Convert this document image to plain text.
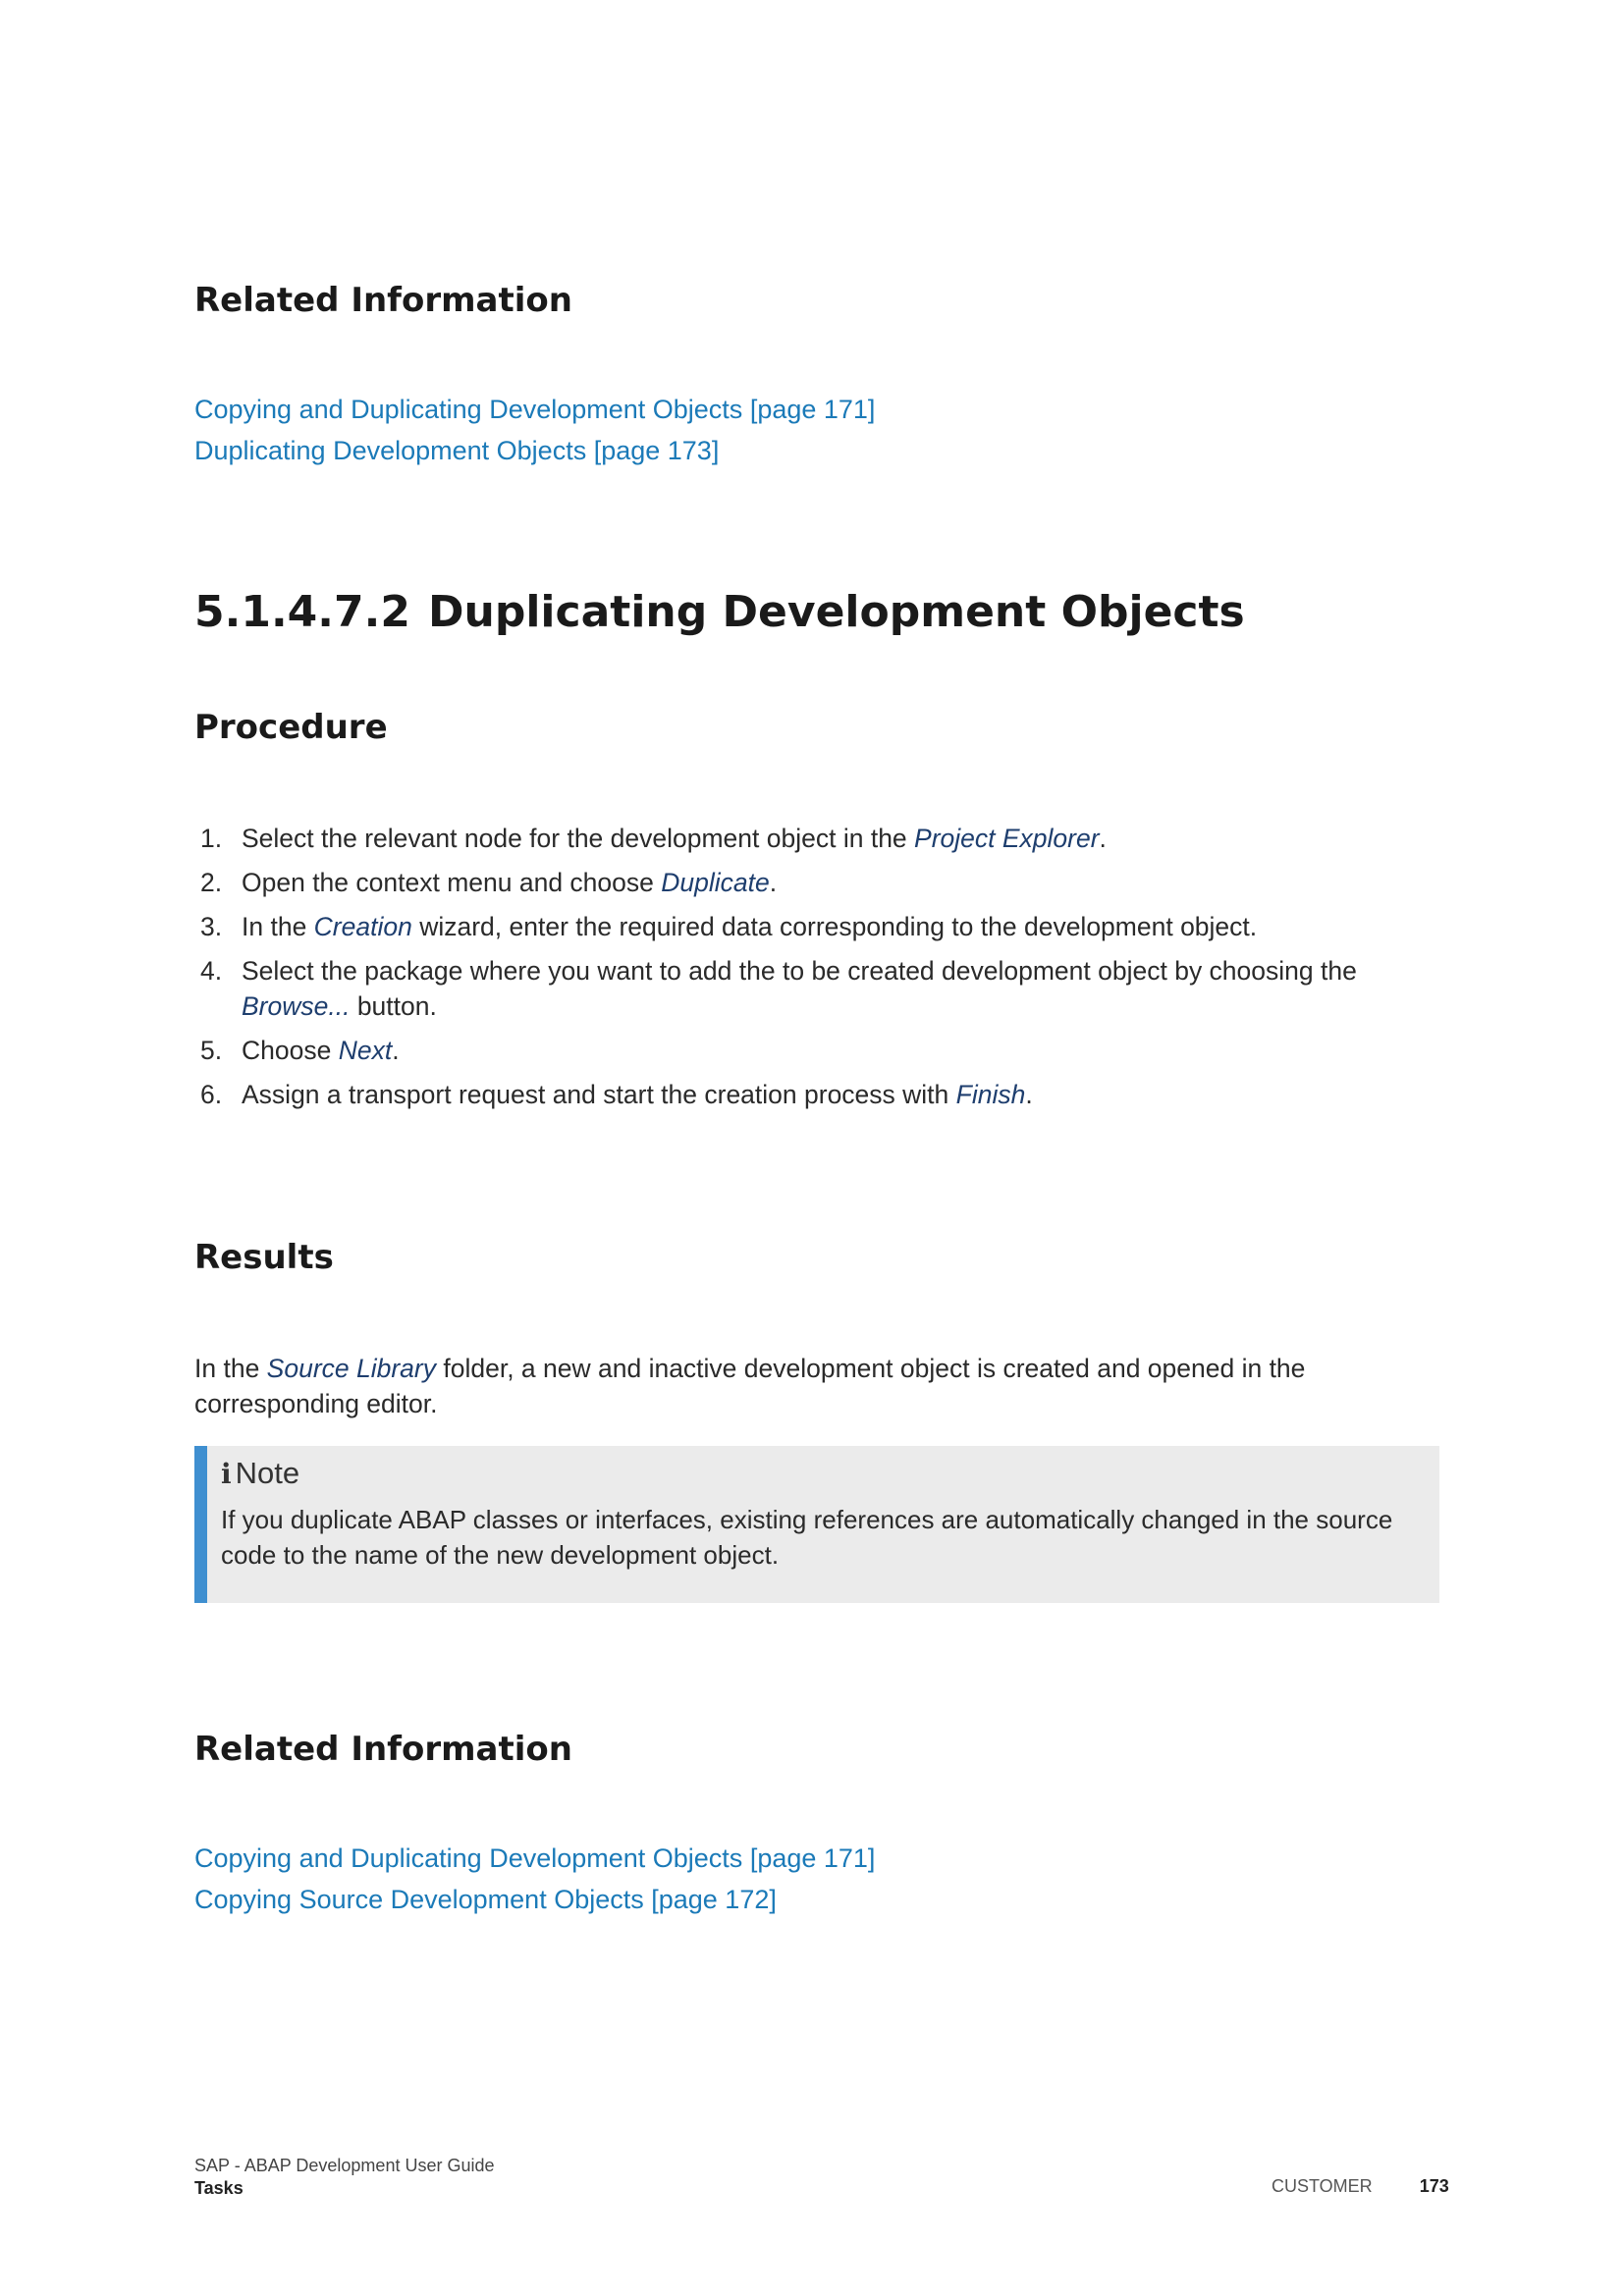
Related Information
Copying and Duplicating Development Objects [page 171]
Duplicating Development Objects [page 173]
5.1.4.7.2 Duplicating Development Objects
Procedure
1. Select the relevant node for the development object in the Project Explorer.
2. Open the context menu and choose Duplicate.
3. In the Creation wizard, enter the required data corresponding to the development object.
4. Select the package where you want to add the to be created development object by choosing the Browse... button.
5. Choose Next.
6. Assign a transport request and start the creation process with Finish.
Results

In the Source Library folder, a new and inactive development object is created and opened in the corresponding editor.

i Note
If you duplicate ABAP classes or interfaces, existing references are automatically changed in the source code to the name of the new development object.
Related Information
Copying and Duplicating Development Objects [page 171]
Copying Source Development Objects [page 172]
SAP - ABAP Development User Guide
Tasks	CUSTOMER	173
